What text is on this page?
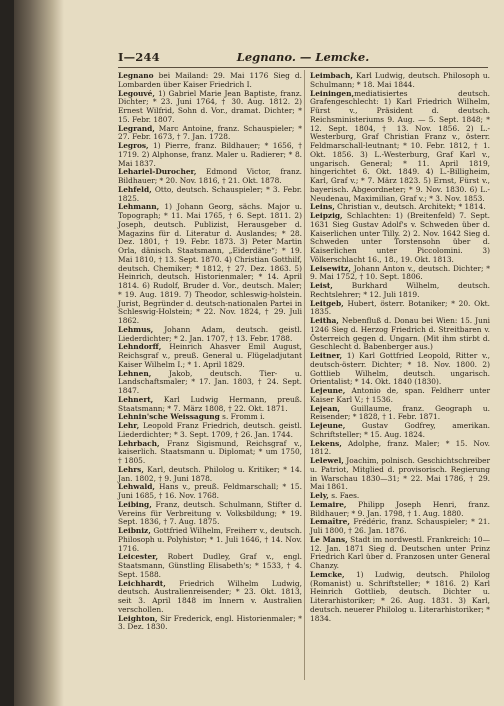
I—244	Legnano. — Lemcke.

Legnano bei Mailand: 29. Mai 1176 Sieg d. Lombarden über Kaiser Friedrich I.

Legouvé, 1) Gabriel Marie Jean Baptiste, franz. Dichter; * 23. Juni 1764, † 30. Aug. 1812. 2) Ernest Wilfrid, Sohn d. Vor., dramat. Dichter; * 15. Febr. 1807.

Legrand, Marc Antoine, franz. Schauspieler; * 27. Febr. 1673, † 7. Jan. 1728.

Legros, 1) Pierre, franz. Bildhauer; * 1656, † 1719. 2) Alphonse, franz. Maler u. Radierer; * 8. Mai 1837.

Lehariel-Durocher, Edmond Victor, franz. Bildhauer; * 20. Nov. 1816, † 21. Okt. 1878.

Lehfeld, Otto, deutsch. Schauspieler; * 3. Febr. 1825.

Lehmann, 1) Johann Georg, sächs. Major u. Topograph; * 11. Mai 1765, † 6. Sept. 1811. 2) Joseph, deutsch. Publizist, Herausgeber d. Magazins für d. Literatur d. Auslandes; * 28. Dez. 1801, † 19. Febr. 1873. 3) Peter Martin Orla, dänisch. Staatsmann, „Eiderdäne“; * 19. Mai 1810, † 13. Sept. 1870. 4) Christian Gotthilf, deutsch. Chemiker; * 1812, † 27. Dez. 1863. 5) Heinrich, deutsch. Historienmaler; * 14. April 1814. 6) Rudolf, Bruder d. Vor., deutsch. Maler; * 19. Aug. 1819. 7) Theodor, schleswig-holstein. Jurist, Begründer d. deutsch-nationalen Partei in Schleswig-Holstein; * 22. Nov. 1824, † 29. Juli 1862.

Lehmus, Johann Adam, deutsch. geistl. Liederdichter; * 2. Jan. 1707, † 13. Febr. 1788.

Lehndorff, Heinrich Ahasver Emil August, Reichsgraf v., preuß. General u. Flügeladjutant Kaiser Wilhelm I.; * 1. April 1829.

Lehnen, Jakob, deutsch. Tier- u. Landschaftsmaler; * 17. Jan. 1803, † 24. Sept. 1847.

Lehnert, Karl Ludwig Hermann, preuß. Staatsmann; * 7. März 1808, † 22. Okt. 1871.

Lehnin'sche Weissagung s. Fromm i.

Lehr, Leopold Franz Friedrich, deutsch. geistl. Liederdichter; * 3. Sept. 1709, † 26. Jan. 1744.

Lehrbach, Franz Sigismund, Reichsgraf v., kaiserlich. Staatsmann u. Diplomat; * um 1750, † 1805.

Lehrs, Karl, deutsch. Philolog u. Kritiker; * 14. Jan. 1802, † 9. Juni 1878.

Lehwald, Hans v., preuß. Feldmarschall; * 15. Juni 1685, † 16. Nov. 1768.

Leibing, Franz, deutsch. Schulmann, Stifter d. Vereins für Verbreitung v. Volksbildung; * 19. Sept. 1836, † 7. Aug. 1875.

Leibniz, Gottfried Wilhelm, Freiherr v., deutsch. Philosoph u. Polyhistor; * 1. Juli 1646, † 14. Nov. 1716.

Leicester, Robert Dudley, Graf v., engl. Staatsmann, Günstling Elisabeth's; * 1533, † 4. Sept. 1588.

Leichhardt, Friedrich Wilhelm Ludwig, deutsch. Australienreisender; * 23. Okt. 1813, seit 3. April 1848 im Innern v. Australien verschollen.

Leighton, Sir Frederick, engl. Historienmaler; * 3. Dez. 1830.

Leimbach, Karl Ludwig, deutsch. Philosoph u. Schulmann; * 18. Mai 1844.

Leiningen,mediatisiertes deutsch. Grafengeschlecht: 1) Karl Friedrich Wilhelm, Fürst v., Präsident d. deutsch. Reichsministeriums 9. Aug. — 5. Sept. 1848; * 12. Sept. 1804, † 13. Nov. 1856. 2) L.-Westerburg, Graf Christian Franz v., österr. Feldmarschall-leutnant; * 10. Febr. 1812, † 1. Okt. 1856. 3) L.-Westerburg, Graf Karl v., ungarisch. General; * 11. April 1819, hingerichtet 6. Okt. 1849. 4) L.-Billigheim, Karl, Graf v.; * 7. März 1823. 5) Ernst, Fürst v., bayerisch. Abgeordneter; * 9. Nov. 1830. 6) L.-Neudenau, Maximilian, Graf v.; * 3. Nov. 1853.

Leins, Christian v., deutsch. Architekt; * 1814.

Leipzig, Schlachten: 1) (Breitenfeld) 7. Sept. 1631 Sieg Gustav Adolf's v. Schweden über d. Kaiserlichen unter Tilly. 2) 2. Nov. 1642 Sieg d. Schweden unter Torstensohn über d. Kaiserlichen unter Piccolomini. 3) Völkerschlacht 16., 18., 19. Okt. 1813.

Leisewitz, Johann Anton v., deutsch. Dichter; * 9. Mai 1752, † 10. Sept. 1806.

Leist, Burkhard Wilhelm, deutsch. Rechtslehrer; * 12. Juli 1819.

Leitgeb, Hubert, österr. Botaniker; * 20. Okt. 1835.

Leitha, Nebenfluß d. Donau bei Wien: 15. Juni 1246 Sieg d. Herzog Friedrich d. Streitbaren v. Österreich gegen d. Ungarn. (Mit ihm stirbt d. Geschlecht d. Babenberger aus.)

Leitner, 1) Karl Gottfried Leopold, Ritter v., deutsch-österr. Dichter; * 18. Nov. 1800. 2) Gottlieb Wilhelm, deutsch. ungarisch. Orientalist; * 14. Okt. 1840 (1830).

Lejeune, Antonio de, span. Feldherr unter Kaiser Karl V.; † 1536.

Lejean, Guillaume, franz. Geograph u. Reisender; * 1828, † 1. Febr. 1871.

Lejeune, Gustav Godfrey, amerikan. Schriftsteller; * 15. Aug. 1824.

Lekens, Adolphe, franz. Maler; * 15. Nov. 1812.

Lelewel, Joachim, polnisch. Geschichtschreiber u. Patriot, Mitglied d. provisorisch. Regierung in Warschau 1830—31; * 22. Mai 1786, † 29. Mai 1861.

Lely, s. Faes.

Lemaire, Philipp Joseph Henri, franz. Bildhauer; * 9. Jan. 1798, † 1. Aug. 1880.

Lemaître, Frédéric, franz. Schauspieler; * 21. Juli 1800, † 26. Jan. 1876.

Le Mans, Stadt im nordwestl. Frankreich: 10—12. Jan. 1871 Sieg d. Deutschen unter Prinz Friedrich Karl über d. Franzosen unter General Chanzy.

Lemcke, 1) Ludwig, deutsch. Philolog (Romanist) u. Schriftsteller; * 1816. 2) Karl Heinrich Gottlieb, deutsch. Dichter u. Literarhistoriker; * 26. Aug. 1831. 3) Karl, deutsch. neuerer Philolog u. Literarhistoriker; * 1834.
